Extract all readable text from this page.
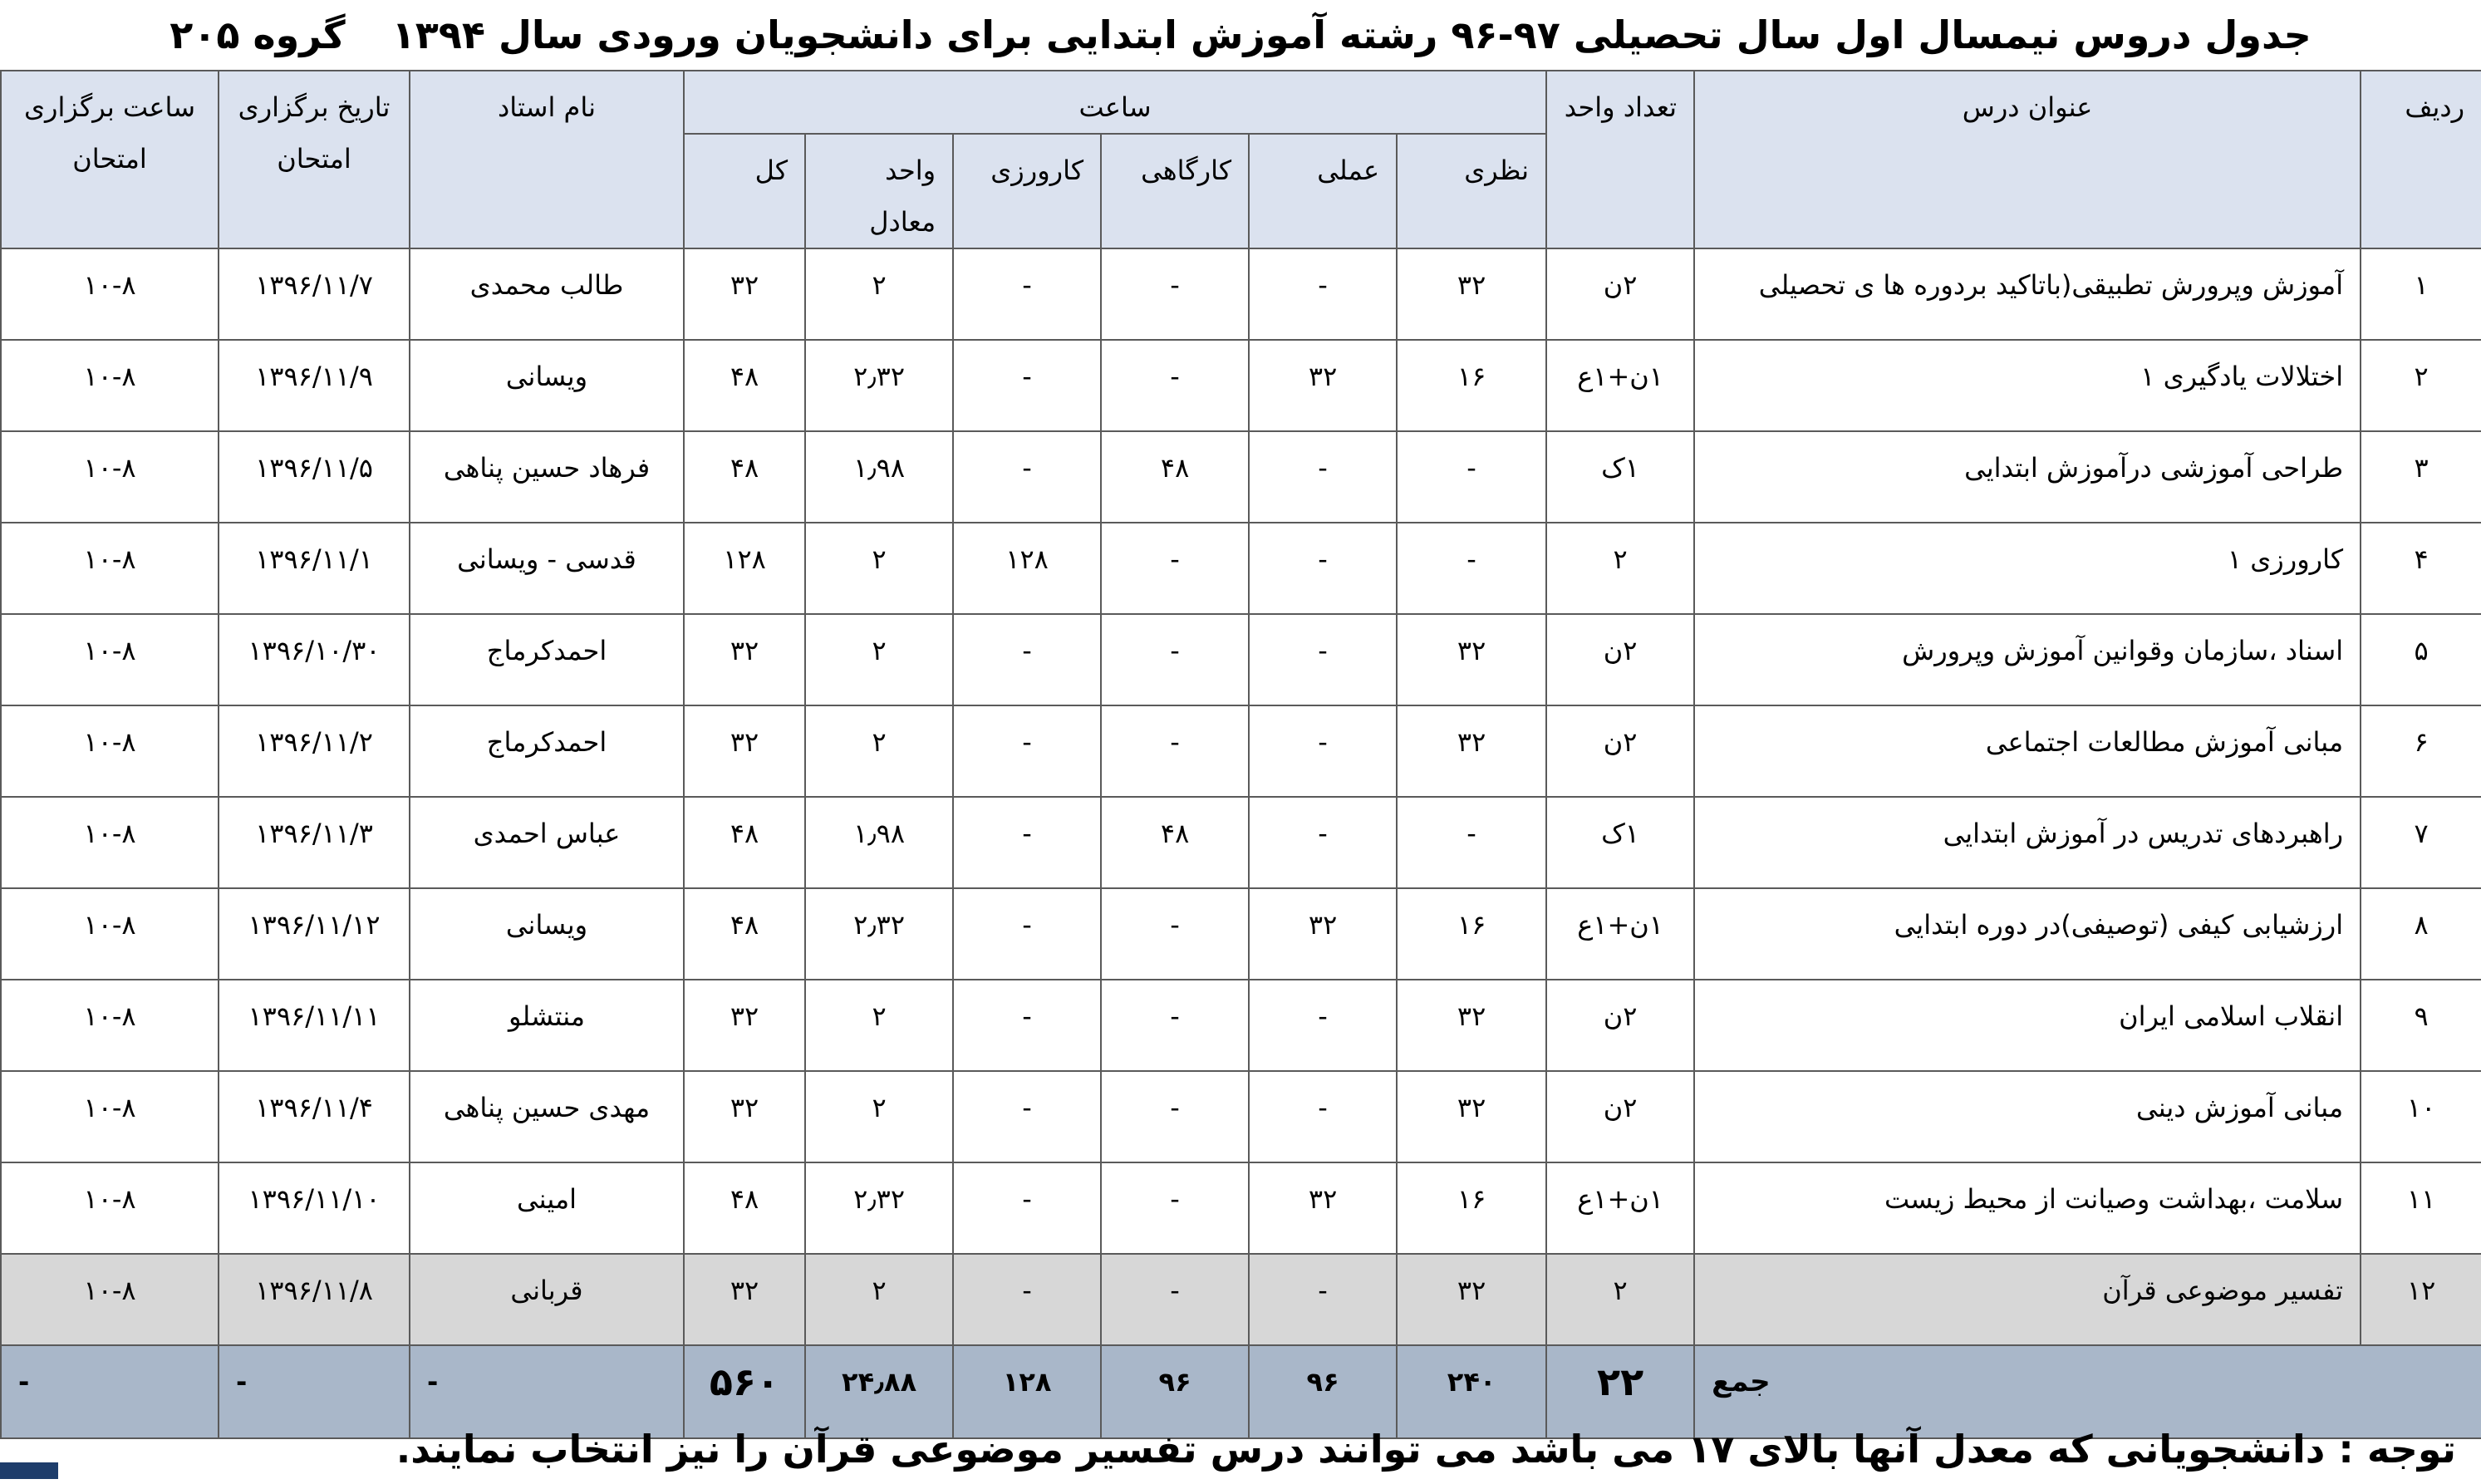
جدول دروس نیمسال اول سال تحصیلی ۹۷-۹۶ رشته آموزش ابتدایی برای دانشجویان ورودی سال ۱۳۹۴ گروه ۲۰۵
ردیف	عنوان درس	تعداد واحد	ساعت						نام استاد	تاریخ برگزاری امتحان	ساعت برگزاری امتحان
			نظری	عملی	کارگاهی	کارورزی	واحد معادل	کل			
۱	آموزش وپرورش تطبیقی(باتاکید بردوره ها ی تحصیلی	۲ن	۳۲	-	-	-	۲	۳۲	طالب محمدی	۱۳۹۶/۱۱/۷	۱۰-۸
۲	اختلالات یادگیری ۱	۱ن+۱ع	۱۶	۳۲	-	-	۲٫۳۲	۴۸	ویسانی	۱۳۹۶/۱۱/۹	۱۰-۸
۳	طراحی آموزشی درآموزش ابتدایی	۱ک	-	-	۴۸	-	۱٫۹۸	۴۸	فرهاد حسین پناهی	۱۳۹۶/۱۱/۵	۱۰-۸
۴	کارورزی ۱	۲	-	-	-	۱۲۸	۲	۱۲۸	قدسی - ویسانی	۱۳۹۶/۱۱/۱	۱۰-۸
۵	اسناد ،سازمان وقوانین آموزش وپرورش	۲ن	۳۲	-	-	-	۲	۳۲	احمدکرماج	۱۳۹۶/۱۰/۳۰	۱۰-۸
۶	مبانی آموزش مطالعات اجتماعی	۲ن	۳۲	-	-	-	۲	۳۲	احمدکرماج	۱۳۹۶/۱۱/۲	۱۰-۸
۷	راهبردهای تدریس در آموزش ابتدایی	۱ک	-	-	۴۸	-	۱٫۹۸	۴۸	عباس احمدی	۱۳۹۶/۱۱/۳	۱۰-۸
۸	ارزشیابی کیفی (توصیفی)در دوره ابتدایی	۱ن+۱ع	۱۶	۳۲	-	-	۲٫۳۲	۴۸	ویسانی	۱۳۹۶/۱۱/۱۲	۱۰-۸
۹	انقلاب اسلامی ایران	۲ن	۳۲	-	-	-	۲	۳۲	منتشلو	۱۳۹۶/۱۱/۱۱	۱۰-۸
۱۰	مبانی آموزش دینی	۲ن	۳۲	-	-	-	۲	۳۲	مهدی حسین پناهی	۱۳۹۶/۱۱/۴	۱۰-۸
۱۱	سلامت ،بهداشت وصیانت از محیط زیست	۱ن+۱ع	۱۶	۳۲	-	-	۲٫۳۲	۴۸	امینی	۱۳۹۶/۱۱/۱۰	۱۰-۸
۱۲	تفسیر موضوعی قرآن	۲	۳۲	-	-	-	۲	۳۲	قربانی	۱۳۹۶/۱۱/۸	۱۰-۸
جمع		۲۲	۲۴۰	۹۶	۹۶	۱۲۸	۲۴٫۸۸	۵۶۰	-	-	-
توجه : دانشجویانی که معدل آنها بالای ۱۷ می باشد می توانند درس تفسیر موضوعی قرآن را نیز انتخاب نمایند.
